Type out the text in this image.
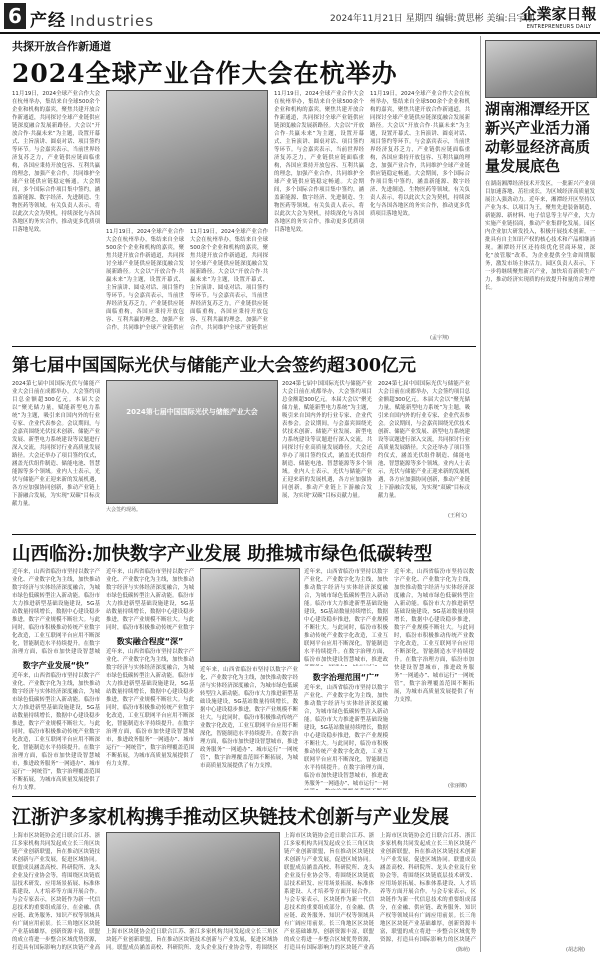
6 产经 Industries	2024年11月21日 星期四 编辑:黄思彬 美编:吕宇刚
企業家日報
ENTREPRENEURS DAILY
共探开放合作新通道
2024全球产业合作大会在杭举办
11月19日，2024全球产业合作大会在杭州举办，集结来自全球500余个企业和机构的嘉宾，聚焦共建开放合作新通道，共同探讨全球产业链供应链深度融合发展新路径。大会以“开放合作·共赢未来”为主题，设置开幕式、主旨演讲、圆桌对话、项目签约等环节。与会嘉宾表示，当前世界经济复苏乏力，产业链供应链面临重构，各国应秉持开放包容、互利共赢的理念，加强产业合作，共同维护全球产业链供应链稳定畅通。大会期间，多个国际合作项目集中签约，涵盖新能源、数字经济、先进制造、生物医药等领域。有关负责人表示，将以此次大会为契机，持续深化与各国各地区的务实合作，推动更多优质项目落地见效。	11月19日，2024全球产业合作大会在杭州举办，集结来自全球500余个企业和机构的嘉宾，聚焦共建开放合作新通道，共同探讨全球产业链供应链深度融合发展新路径。大会以“开放合作·共赢未来”为主题，设置开幕式、主旨演讲、圆桌对话、项目签约等环节。与会嘉宾表示，当前世界经济复苏乏力，产业链供应链面临重构，各国应秉持开放包容、互利共赢的理念，加强产业合作，共同维护全球产业链供应
11月19日，2024全球产业合作大会在杭州举办，集结来自全球500余个企业和机构的嘉宾，聚焦共建开放合作新通道，共同探讨全球产业链供应链深度融合发展新路径。大会以“开放合作·共赢未来”为主题，设置开幕式、主旨演讲、圆桌对话、项目签约等环节。与会嘉宾表示，当前世界经济复苏乏力，产业链供应链面临重构，各国应秉持开放包容、互利共赢的理念，加强产业合作，共同维护全球产业链供应
11月19日，2024全球产业合作大会在杭州举办，集结来自全球500余个企业和机构的嘉宾，聚焦共建开放合作新通道，共同探讨全球产业链供应链深度融合发展新路径。大会以“开放合作·共赢未来”为主题，设置开幕式、主旨演讲、圆桌对话、项目签约等环节。与会嘉宾表示，当前世界经济复苏乏力，产业链供应链面临重构，各国应秉持开放包容、互利共赢的理念，加强产业合作，共同维护全球产业链供应链稳定畅通。大会期间，多个国际合作项目集中签约，涵盖新能源、数字经济、先进制造、生物医药等领域。有关负责人表示，将以此次大会为契机，持续深化与各国各地区的务实合作，推动更多优质项目落地见效。
11月19日，2024全球产业合作大会在杭州举办，集结来自全球500余个企业和机构的嘉宾，聚焦共建开放合作新通道，共同探讨全球产业链供应链深度融合发展新路径。大会以“开放合作·共赢未来”为主题，设置开幕式、主旨演讲、圆桌对话、项目签约等环节。与会嘉宾表示，当前世界经济复苏乏力，产业链供应链面临重构，各国应秉持开放包容、互利共赢的理念，加强产业合作，共同维护全球产业链供应链稳定畅通。大会期间，多个国际合作项目集中签约，涵盖新能源、数字经济、先进制造、生物医药等领域。有关负责人表示，将以此次大会为契机，持续深化与各国各地区的务实合作，推动更多优质项目落地见效。
(孟宇翔)
第七届中国国际光伏与储能产业大会签约超300亿元
2024第七届中国国际光伏与储能产业大会日前在成都举办，大会签约项目总金额超300亿元。本届大会以“聚光储力量，赋能新型电力系统”为主题，吸引来自国内外的行业专家、企业代表参会。会议期间，与会嘉宾围绕光伏技术创新、储能产业发展、新型电力系统建设等议题进行深入交流，共同探讨行业高质量发展路径。大会还举办了项目签约仪式，涵盖光伏组件制造、储能电池、智慧能源等多个领域。业内人士表示，光伏与储能产业正迎来新的发展机遇，各方应加强协同创新，推动产业链上下游融合发展，为实现“双碳”目标贡献力量。
2024第七届中国国际光伏与储能产业大会
大会签约现场。
2024第七届中国国际光伏与储能产业大会日前在成都举办，大会签约项目总金额超300亿元。本届大会以“聚光储力量，赋能新型电力系统”为主题，吸引来自国内外的行业专家、企业代表参会。会议期间，与会嘉宾围绕光伏技术创新、储能产业发展、新型电力系统建设等议题进行深入交流，共同探讨行业高质量发展路径。大会还举办了项目签约仪式，涵盖光伏组件制造、储能电池、智慧能源等多个领域。业内人士表示，光伏与储能产业正迎来新的发展机遇，各方应加强协同创新，推动产业链上下游融合发展，为实现“双碳”目标贡献力量。
2024第七届中国国际光伏与储能产业大会日前在成都举办，大会签约项目总金额超300亿元。本届大会以“聚光储力量，赋能新型电力系统”为主题，吸引来自国内外的行业专家、企业代表参会。会议期间，与会嘉宾围绕光伏技术创新、储能产业发展、新型电力系统建设等议题进行深入交流，共同探讨行业高质量发展路径。大会还举办了项目签约仪式，涵盖光伏组件制造、储能电池、智慧能源等多个领域。业内人士表示，光伏与储能产业正迎来新的发展机遇，各方应加强协同创新，推动产业链上下游融合发展，为实现“双碳”目标贡献力量。
(王利文)
山西临汾:加快数字产业发展 助推城市绿色低碳转型
近年来，山西省临汾市坚持以数字产业化、产业数字化为主线，加快推动数字经济与实体经济深度融合，为城市绿色低碳转型注入新动能。临汾市大力推进新型基础设施建设，5G基站数量持续增长，数据中心建设稳步推进，数字产业规模不断壮大。与此同时，临汾市积极推动传统产业数字化改造，工业互联网平台应用不断深化，智能制造水平持续提升。在数字治理方面，临汾市加快建设智慧城
数字产业发展“快”
近年来，山西省临汾市坚持以数字产业化、产业数字化为主线，加快推动数字经济与实体经济深度融合，为城市绿色低碳转型注入新动能。临汾市大力推进新型基础设施建设，5G基站数量持续增长，数据中心建设稳步推进，数字产业规模不断壮大。与此同时，临汾市积极推动传统产业数字化改造，工业互联网平台应用不断深化，智能制造水平持续提升。在数字治理方面，临汾市加快建设智慧城市，推进政务服务“一网通办”、城市运行“一网统管”，数字治理覆盖范围不断拓展，为城市高质量发展提供了有力支撑。
近年来，山西省临汾市坚持以数字产业化、产业数字化为主线，加快推动数字经济与实体经济深度融合，为城市绿色低碳转型注入新动能。临汾市大力推进新型基础设施建设，5G基站数量持续增长，数据中心建设稳步推进，数字产业规模不断壮大。与此同时，临汾市积极推动传统产业数字
数实融合程度“深”
近年来，山西省临汾市坚持以数字产业化、产业数字化为主线，加快推动数字经济与实体经济深度融合，为城市绿色低碳转型注入新动能。临汾市大力推进新型基础设施建设，5G基站数量持续增长，数据中心建设稳步推进，数字产业规模不断壮大。与此同时，临汾市积极推动传统产业数字化改造，工业互联网平台应用不断深化，智能制造水平持续提升。在数字治理方面，临汾市加快建设智慧城市，推进政务服务“一网通办”、城市运行“一网统管”，数字治理覆盖范围不断拓展，为城市高质量发展提供了有力支撑。
近年来，山西省临汾市坚持以数字产业化、产业数字化为主线，加快推动数字经济与实体经济深度融合，为城市绿色低碳转型注入新动能。临汾市大力推进新型基础设施建设，5G基站数量持续增长，数据中心建设稳步推进，数字产业规模不断壮大。与此同时，临汾市积极推动传统产业数字化改造，工业互联网平台应用不断深化，智能制造水平持续提升。在数字治理方面，临汾市加快建设智慧城市，推进政务服务“一网通办”、城市运行“一网统管”，数字治理覆盖范围不断拓展，为城市高质量发展提供了有力支撑。
近年来，山西省临汾市坚持以数字产业化、产业数字化为主线，加快推动数字经济与实体经济深度融合，为城市绿色低碳转型注入新动能。临汾市大力推进新型基础设施建设，5G基站数量持续增长，数据中心建设稳步推进，数字产业规模不断壮大。与此同时，临汾市积极推动传统产业数字化改造，工业互联网平台应用不断深化，智能制造水平持续提升。在数字治理方面，临汾市加快建设智慧城市，推进政
数字治理范围“广”
近年来，山西省临汾市坚持以数字产业化、产业数字化为主线，加快推动数字经济与实体经济深度融合，为城市绿色低碳转型注入新动能。临汾市大力推进新型基础设施建设，5G基站数量持续增长，数据中心建设稳步推进，数字产业规模不断壮大。与此同时，临汾市积极推动传统产业数字化改造，工业互联网平台应用不断深化，智能制造水平持续提升。在数字治理方面，临汾市加快建设智慧城市，推进政务服务“一网通办”、城市运行“一网
近年来，山西省临汾市坚持以数字产业化、产业数字化为主线，加快推动数字经济与实体经济深度融合，为城市绿色低碳转型注入新动能。临汾市大力推进新型基础设施建设，5G基站数量持续增长，数据中心建设稳步推进，数字产业规模不断壮大。与此同时，临汾市积极推动传统产业数字化改造，工业互联网平台应用不断深化，智能制造水平持续提升。在数字治理方面，临汾市加快建设智慧城市，推进政务服务“一网通办”、城市运行“一网统管”，数字治理覆盖范围不断拓展，为城市高质量发展提供了有力支撑。
(张丽娜)
江浙沪多家机构携手推动区块链技术创新与产业发展
上海市区块链协会近日联合江苏、浙江多家机构共同发起成立长三角区块链产业创新联盟，旨在推动区块链技术创新与产业发展，促进区域协同。联盟成员涵盖高校、科研院所、龙头企业及行业协会等，将围绕区块链底层技术研发、应用场景拓展、标准体系建设、人才培养等方面开展合作。与会专家表示，区块链作为新一代信息技术的重要组成部分，在金融、供应链、政务服务、知识产权等领域具有广阔应用前景。长三角地区区块链产业基础雄厚，创新资源丰富，联盟的成立将进一步整合区域优势资源，打造具有国际影响力的区块链产业高
上海市区块链协会近日联合江苏、浙江多家机构共同发起成立长三角区块链产业创新联盟，旨在推动区块链技术创新与产业发展，促进区域协同。联盟成员涵盖高校、科研院所、龙头企业及行业协会等，将围绕区
上海市区块链协会近日联合江苏、浙江多家机构共同发起成立长三角区块链产业创新联盟，旨在推动区块链技术创新与产业发展，促进区域协同。联盟成员涵盖高校、科研院所、龙头企业及行业协会等，将围绕区块链底层技术研发、应用场景拓展、标准体系建设、人才培养等方面开展合作。与会专家表示，区块链作为新一代信息技术的重要组成部分，在金融、供应链、政务服务、知识产权等领域具有广阔应用前景。长三角地区区块链产业基础雄厚，创新资源丰富，联盟的成立将进一步整合区域优势资源，打造具有国际影响力的区块链产业高
上海市区块链协会近日联合江苏、浙江多家机构共同发起成立长三角区块链产业创新联盟，旨在推动区块链技术创新与产业发展，促进区域协同。联盟成员涵盖高校、科研院所、龙头企业及行业协会等，将围绕区块链底层技术研发、应用场景拓展、标准体系建设、人才培养等方面开展合作。与会专家表示，区块链作为新一代信息技术的重要组成部分，在金融、供应链、政务服务、知识产权等领域具有广阔应用前景。长三角地区区块链产业基础雄厚，创新资源丰富，联盟的成立将进一步整合区域优势资源，打造具有国际影响力的区块链产
(陈萌)
湖南湘潭经开区新兴产业活力涌动彰显经济高质量发展底色
在湖南湘潭经济技术开发区，一批新兴产业项目加速落地、茁壮成长，为区域经济高质量发展注入强劲动力。近年来，湘潭经开区坚持以产业为本、以项目为王，聚焦先进装备制造、新能源、新材料、电子信息等主导产业，大力实施产业链招商，推动产业集群化发展。园区内企业加大研发投入，积极开展技术创新，一批具有自主知识产权的核心技术和产品相继涌现。湘潭经开区还持续优化营商环境，深化“放管服”改革，为企业提供全生命周期服务，激发市场主体活力。园区负责人表示，下一步将继续聚焦新兴产业，加快培育新质生产力，推动经济实现质的有效提升和量的合理增长。
(胡志刚)
